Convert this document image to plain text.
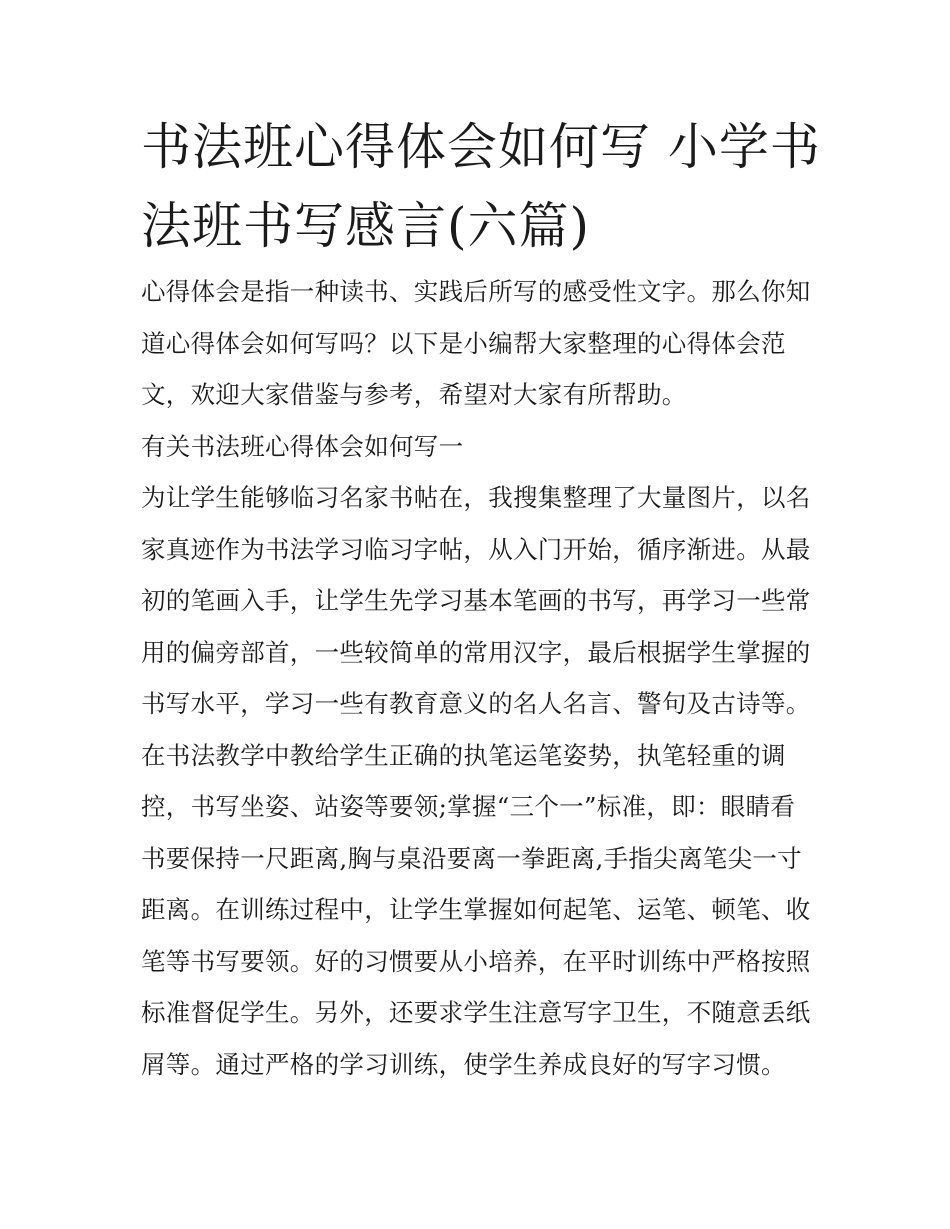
书法班心得体会如何写 小学书
法班书写感言(六篇)
心得体会是指一种读书、实践后所写的感受性文字。那么你知
道心得体会如何写吗？以下是小编帮大家整理的心得体会范
文，欢迎大家借鉴与参考，希望对大家有所帮助。
有关书法班心得体会如何写一
为让学生能够临习名家书帖在，我搜集整理了大量图片，以名
家真迹作为书法学习临习字帖，从入门开始，循序渐进。从最
初的笔画入手，让学生先学习基本笔画的书写，再学习一些常
用的偏旁部首，一些较简单的常用汉字，最后根据学生掌握的
书写水平，学习一些有教育意义的名人名言、警句及古诗等。
在书法教学中教给学生正确的执笔运笔姿势，执笔轻重的调
控，书写坐姿、站姿等要领;掌握“三个一”标准，即：眼睛看
书要保持一尺距离,胸与桌沿要离一拳距离,手指尖离笔尖一寸
距离。在训练过程中，让学生掌握如何起笔、运笔、顿笔、收
笔等书写要领。好的习惯要从小培养，在平时训练中严格按照
标准督促学生。另外，还要求学生注意写字卫生，不随意丢纸
屑等。通过严格的学习训练，使学生养成良好的写字习惯。
